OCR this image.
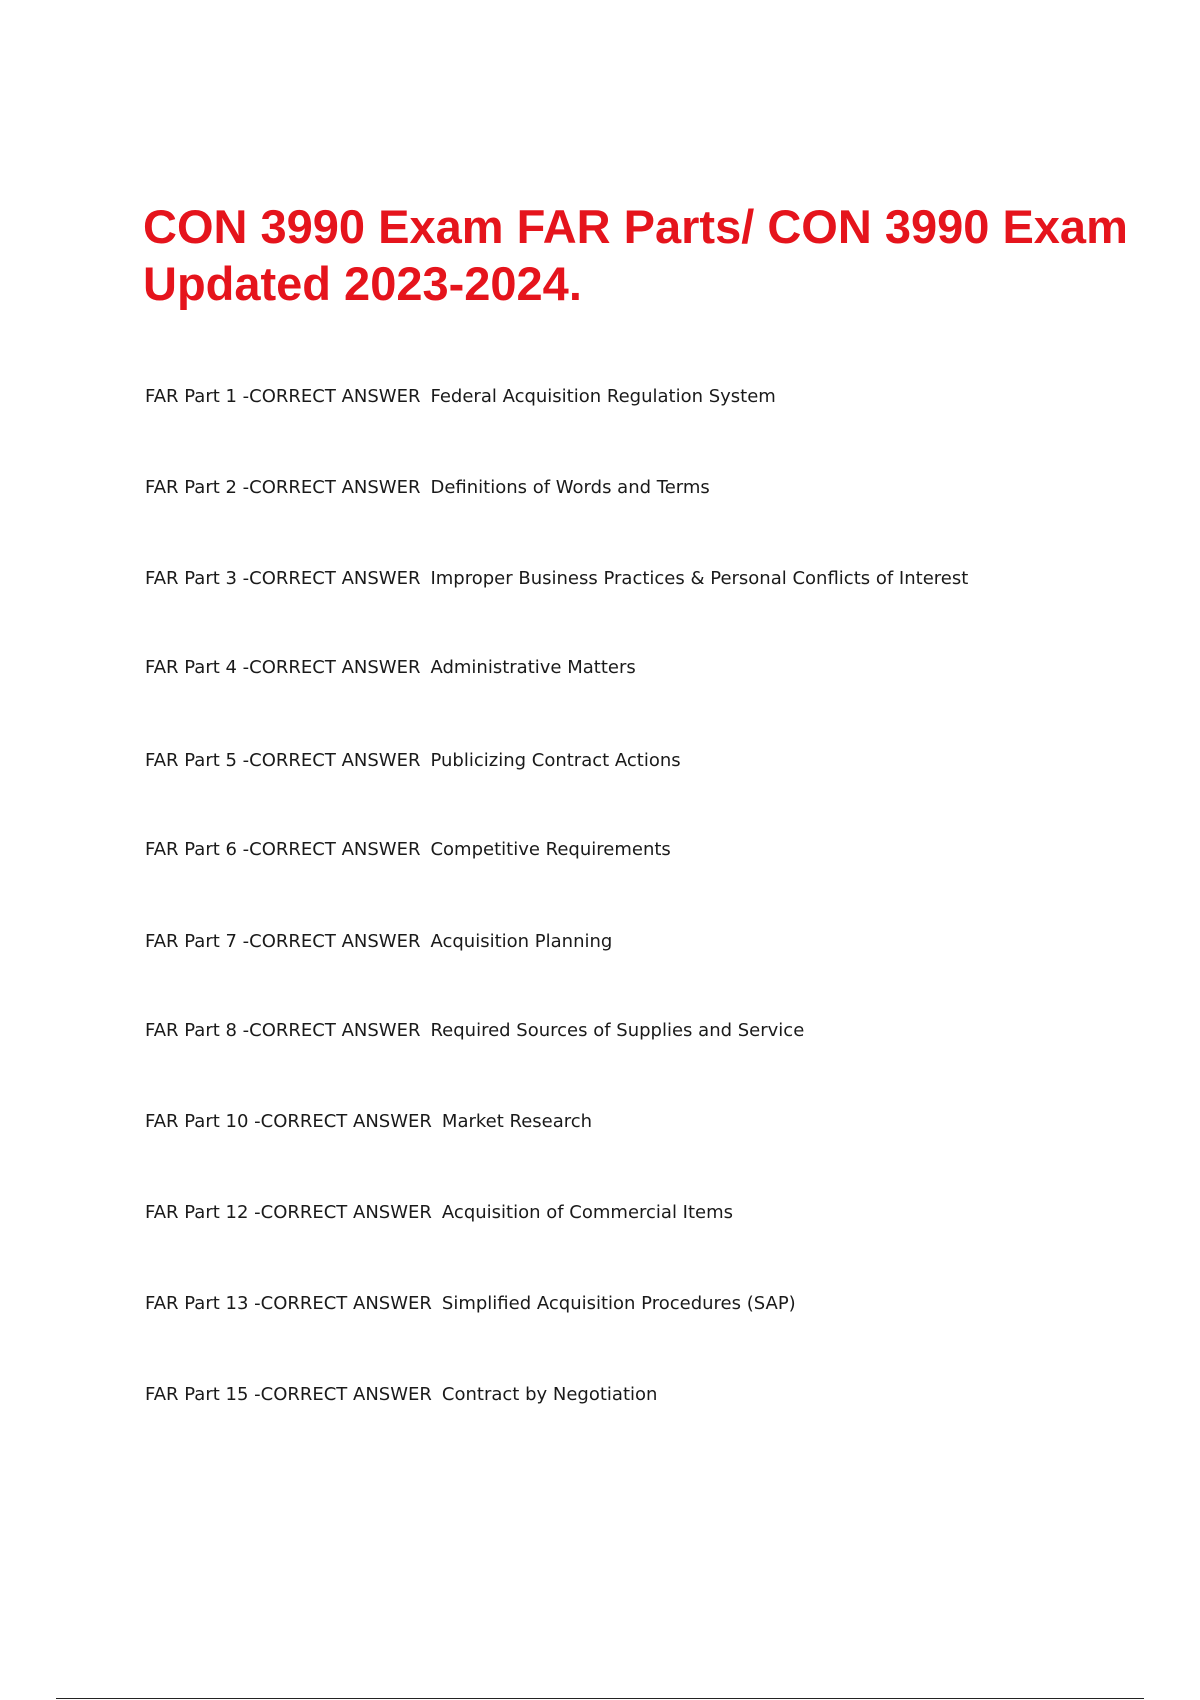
CON 3990 Exam FAR Parts/ CON 3990 Exam
Updated 2023-2024.
FAR Part 1 -CORRECT ANSWER Federal Acquisition Regulation System
FAR Part 2 -CORRECT ANSWER Definitions of Words and Terms
FAR Part 3 -CORRECT ANSWER Improper Business Practices & Personal Conflicts of Interest
FAR Part 4 -CORRECT ANSWER Administrative Matters
FAR Part 5 -CORRECT ANSWER Publicizing Contract Actions
FAR Part 6 -CORRECT ANSWER Competitive Requirements
FAR Part 7 -CORRECT ANSWER Acquisition Planning
FAR Part 8 -CORRECT ANSWER Required Sources of Supplies and Service
FAR Part 10 -CORRECT ANSWER Market Research
FAR Part 12 -CORRECT ANSWER Acquisition of Commercial Items
FAR Part 13 -CORRECT ANSWER Simplified Acquisition Procedures (SAP)
FAR Part 15 -CORRECT ANSWER Contract by Negotiation
